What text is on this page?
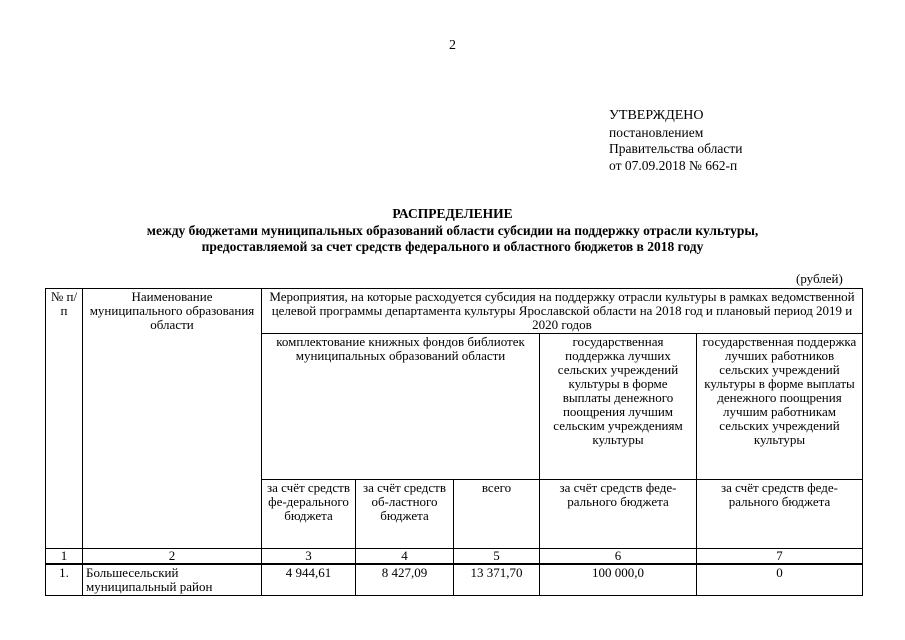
2
УТВЕРЖДЕНО
постановлением
Правительства области
от 07.09.2018 № 662-п
РАСПРЕДЕЛЕНИЕ
между бюджетами муниципальных образований области субсидии на поддержку отрасли культуры,
предоставляемой за счет средств федерального и областного бюджетов в 2018 году
(рублей)
№ п/п	Наименование муниципального образования области	Мероприятия, на которые расходуется субсидия на поддержку отрасли культуры в рамках ведомственной целевой программы департамента культуры Ярославской области на 2018 год и плановый период 2019 и 2020 годов				
		комплектование книжных фондов библиотек муниципальных образований области			государственная поддержка лучших сельских учреждений культуры в форме выплаты денежного поощрения лучшим сельским учреждениям культуры	государственная поддержка лучших работников сельских учреждений культуры в форме выплаты денежного поощрения лучшим работникам сельских учреждений культуры
		за счёт средств фе-дерального бюджета	за счёт средств об-ластного бюджета	всего	за счёт средств феде-рального бюджета	за счёт средств феде-рального бюджета
1	2	3	4	5	6	7
1.	Большесельский муниципальный район	4 944,61	8 427,09	13 371,70	100 000,0	0
